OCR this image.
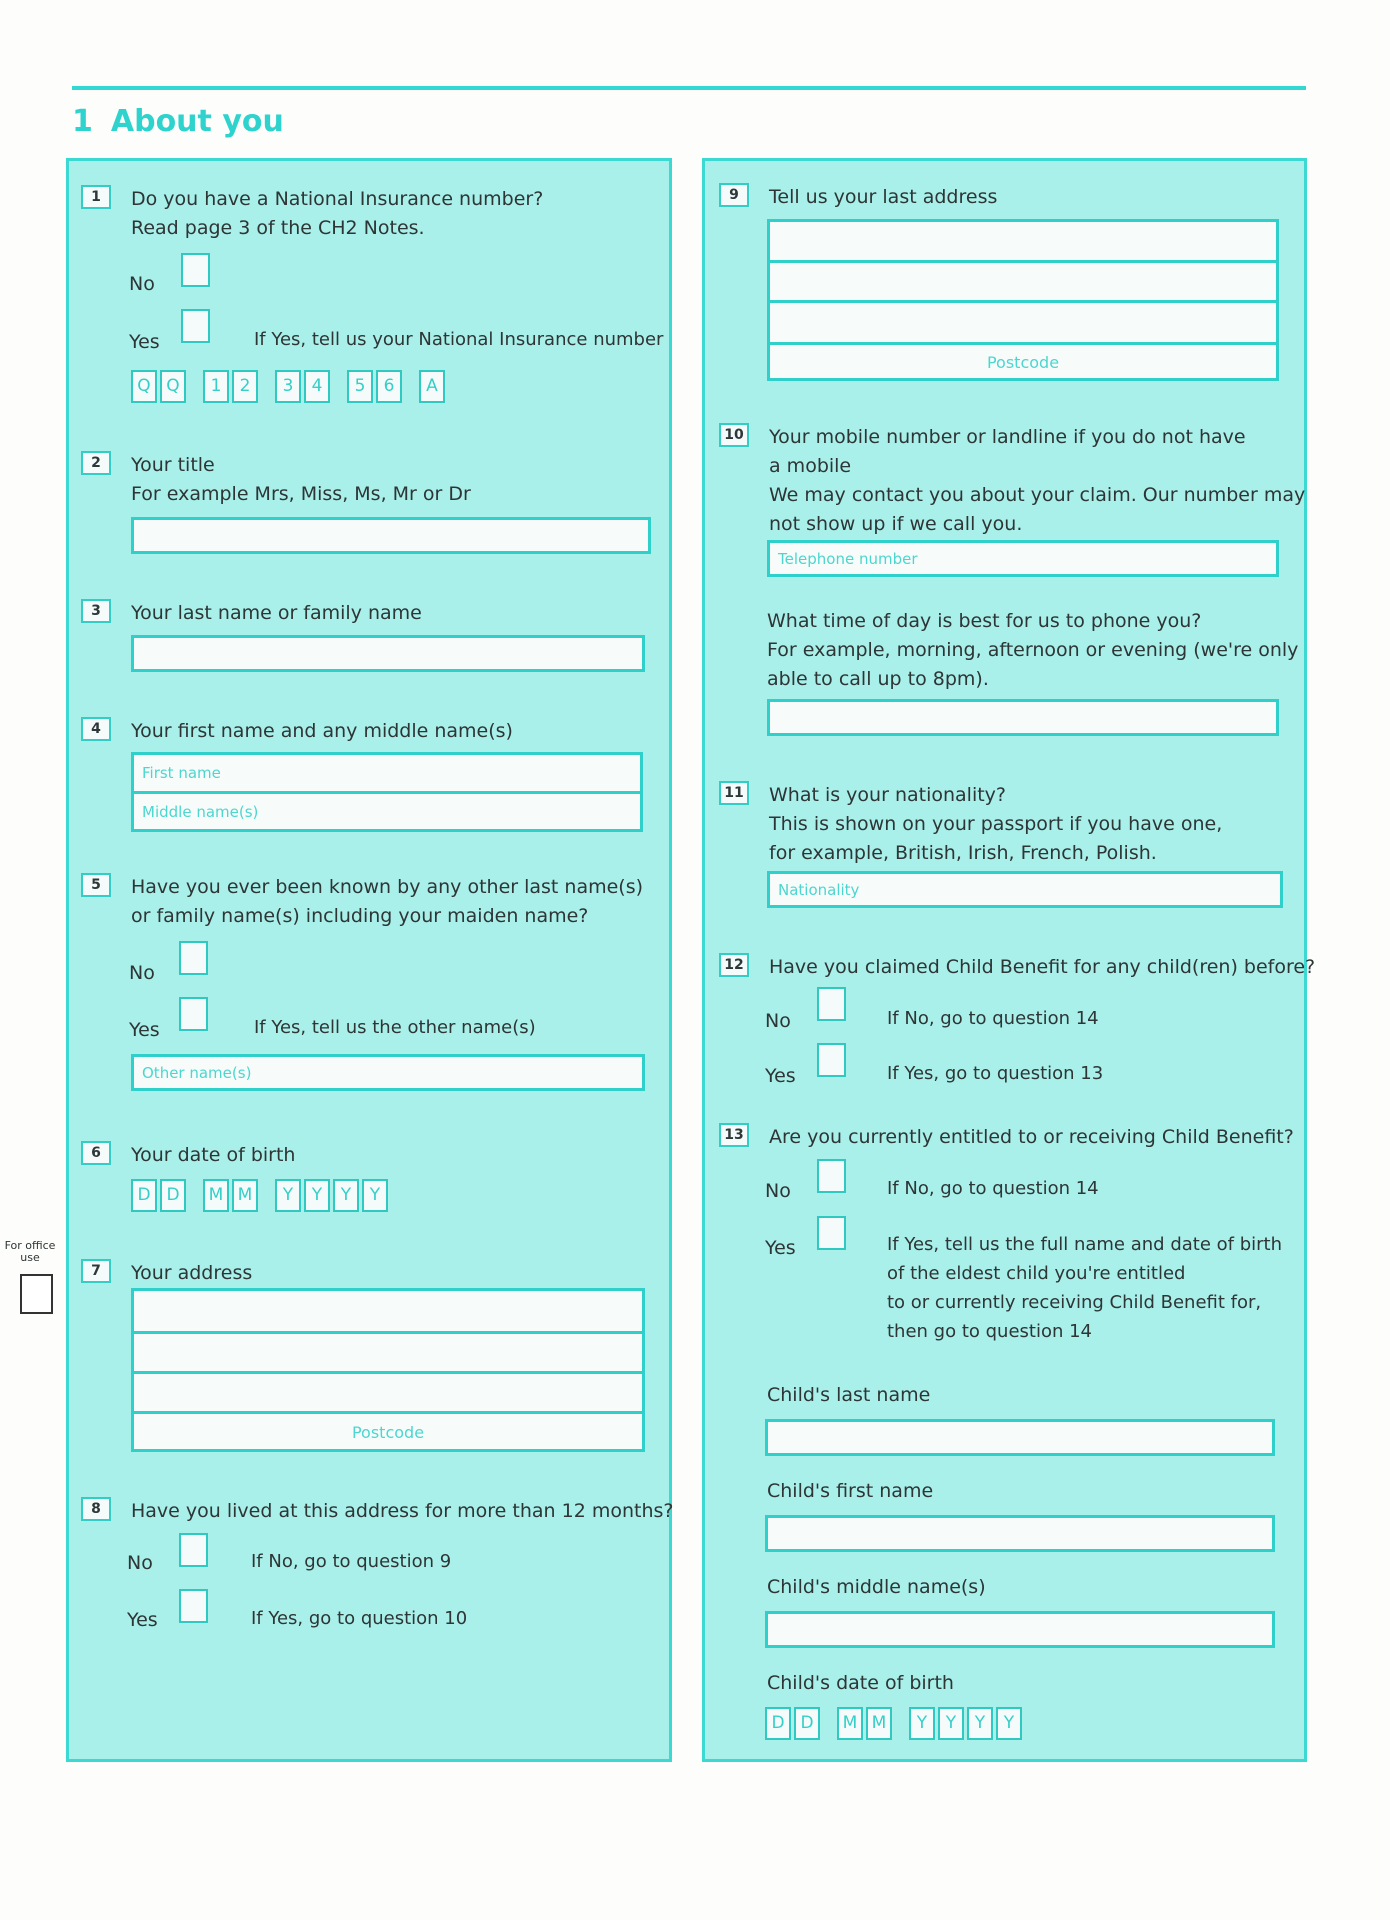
1 About you
For office use
1	Do you have a National Insurance number?
Read page 3 of the CH2 Notes.
No
Yes	If Yes, tell us your National Insurance number
Q Q	1	2	3	4	5	6	A
2	Your title
For example Mrs, Miss, Ms, Mr or Dr
3	Your last name or family name
4	Your first name and any middle name(s)
First name
Middle name(s)
5	Have you ever been known by any other last name(s)
or family name(s) including your maiden name?
No
Yes	If Yes, tell us the other name(s)
Other name(s)
6	Your date of birth
D D	M M	Y	Y	Y	Y
7	Your address
Postcode
8	Have you lived at this address for more than 12 months?
No	If No, go to question 9
Yes	If Yes, go to question 10
9	Tell us your last address
Postcode
10 Your mobile number or landline if you do not have
a mobile
We may contact you about your claim. Our number may
not show up if we call you.
Telephone number
What time of day is best for us to phone you?
For example, morning, afternoon or evening (we're only
able to call up to 8pm).
11 What is your nationality?
This is shown on your passport if you have one,
for example, British, Irish, French, Polish.
Nationality
12 Have you claimed Child Benefit for any child(ren) before?
No	If No, go to question 14
Yes	If Yes, go to question 13
13 Are you currently entitled to or receiving Child Benefit?
No	If No, go to question 14
Yes	If Yes, tell us the full name and date of birth
of the eldest child you're entitled
to or currently receiving Child Benefit for,
then go to question 14
Child's last name
Child's first name
Child's middle name(s)
Child's date of birth
D D	M M	Y	Y	Y	Y
